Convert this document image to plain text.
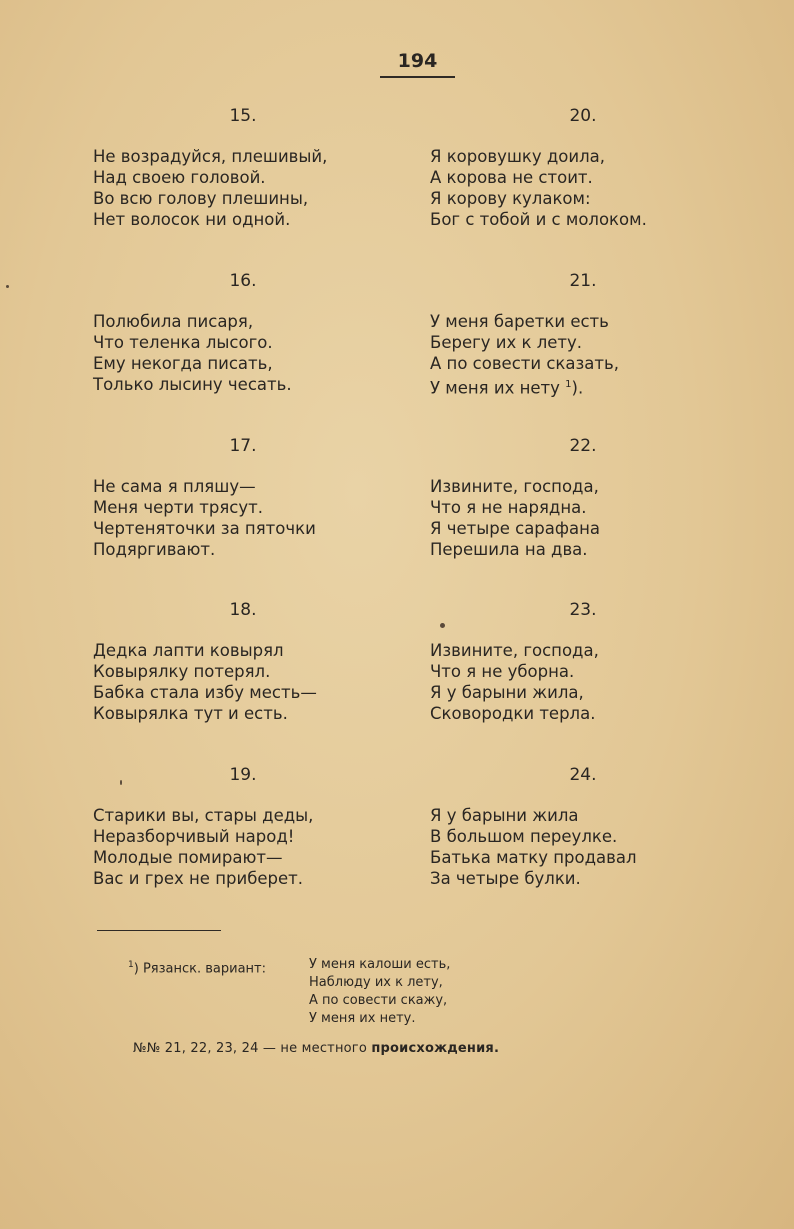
194
15.
Не возрадуйся, плешивый,
Над своею головой.
Во всю голову плешины,
Нет волосок ни одной.
16.
Полюбила писаря,
Что теленка лысого.
Ему некогда писать,
Только лысину чесать.
17.
Не сама я пляшу—
Меня черти трясут.
Чертеняточки за пяточки
Подяргивают.
18.
Дедка лапти ковырял
Ковырялку потерял.
Бабка стала избу месть—
Ковырялка тут и есть.
19.
Старики вы, стары деды,
Неразборчивый народ!
Молодые помирают—
Вас и грех не приберет.
20.
Я коровушку доила,
А корова не стоит.
Я корову кулаком:
Бог с тобой и с молоком.
21.
У меня баретки есть
Берегу их к лету.
А по совести сказать,
У меня их нету $^1$).
22.
Извините, господа,
Что я не нарядна.
Я четыре сарафана
Перешила на два.
23.
Извините, господа,
Что я не уборна.
Я у барыни жила,
Сковородки терла.
24.
Я у барыни жила
В большом переулке.
Батька матку продавал
За четыре булки.
$^1$) Рязанск. вариант:	У меня калоши есть,
Наблюду их к лету,
А по совести скажу,
У меня их нету.
№№ 21, 22, 23, 24 — не местного происхождения.
